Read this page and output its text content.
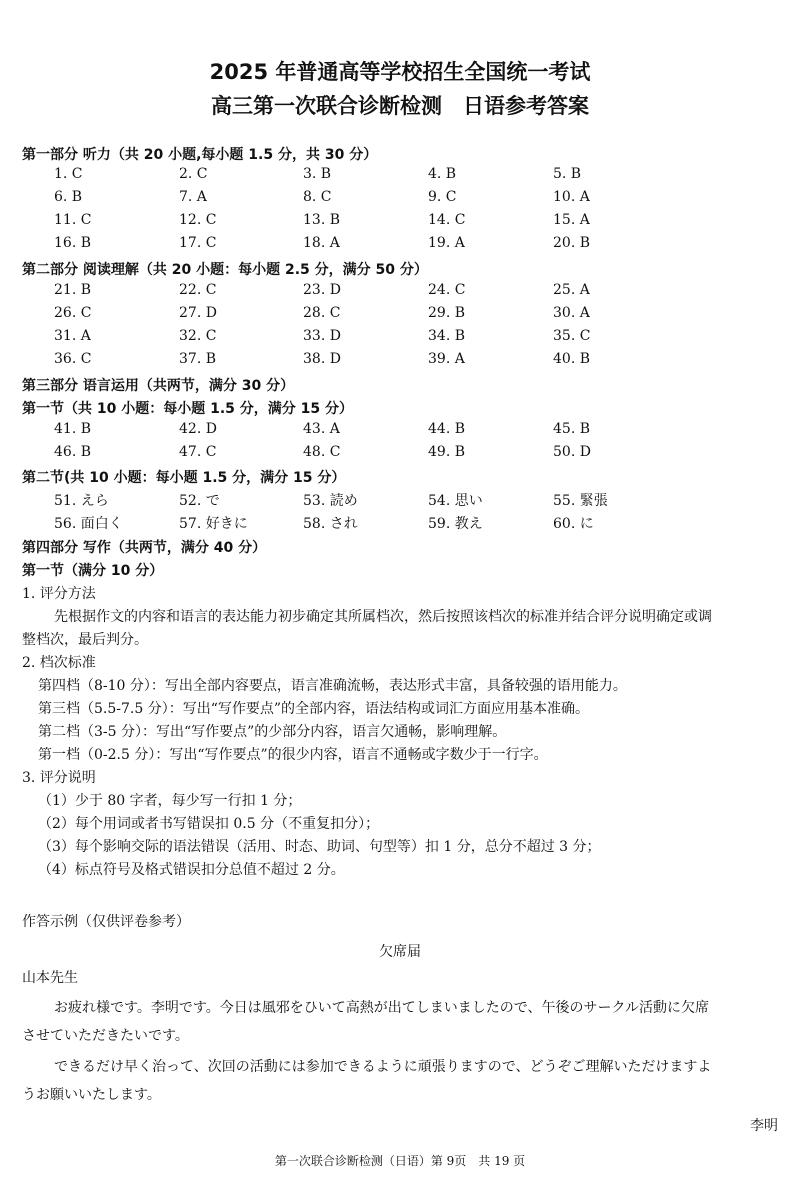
2025 年普通高等学校招生全国统一考试
高三第一次联合诊断检测　日语参考答案
第一部分 听力（共 20 小题,每小题 1.5 分，共 30 分）
1. C	2. C	3. B	4. B	5. B
6. B	7. A	8. C	9. C	10. A
11. C	12. C	13. B	14. C	15. A
16. B	17. C	18. A	19. A	20. B
第二部分 阅读理解（共 20 小题：每小题 2.5 分，满分 50 分）
21. B	22. C	23. D	24. C	25. A
26. C	27. D	28. C	29. B	30. A
31. A	32. C	33. D	34. B	35. C
36. C	37. B	38. D	39. A	40. B
第三部分 语言运用（共两节，满分 30 分）
第一节（共 10 小题：每小题 1.5 分，满分 15 分）
41. B	42. D	43. A	44. B	45. B
46. B	47. C	48. C	49. B	50. D
第二节(共 10 小题：每小题 1.5 分，满分 15 分）
51. えら	52. で	53. 読め	54. 思い	55. 緊張
56. 面白く	57. 好きに	58. され	59. 教え	60. に
第四部分 写作（共两节，满分 40 分）
第一节（满分 10 分）
1. 评分方法
先根据作文的内容和语言的表达能力初步确定其所属档次，然后按照该档次的标准并结合评分说明确定或调
整档次，最后判分。
2. 档次标准
第四档（8-10 分）：写出全部内容要点，语言准确流畅，表达形式丰富，具备较强的语用能力。
第三档（5.5-7.5 分）：写出“写作要点”的全部内容，语法结构或词汇方面应用基本准确。
第二档（3-5 分）：写出“写作要点”的少部分内容，语言欠通畅，影响理解。
第一档（0-2.5 分）：写出“写作要点”的很少内容，语言不通畅或字数少于一行字。
3. 评分说明
（1）少于 80 字者，每少写一行扣 1 分；
（2）每个用词或者书写错误扣 0.5 分（不重复扣分）；
（3）每个影响交际的语法错误（活用、时态、助词、句型等）扣 1 分，总分不超过 3 分；
（4）标点符号及格式错误扣分总值不超过 2 分。
作答示例（仅供评卷参考）
欠席届
山本先生
お疲れ様です。李明です。今日は風邪をひいて高熱が出てしまいましたので、午後のサークル活動に欠席
させていただきたいです。
できるだけ早く治って、次回の活動には参加できるように頑張りますので、どうぞご理解いただけますよ
うお願いいたします。
李明
第一次联合诊断检测（日语）第 9页　共 19 页
